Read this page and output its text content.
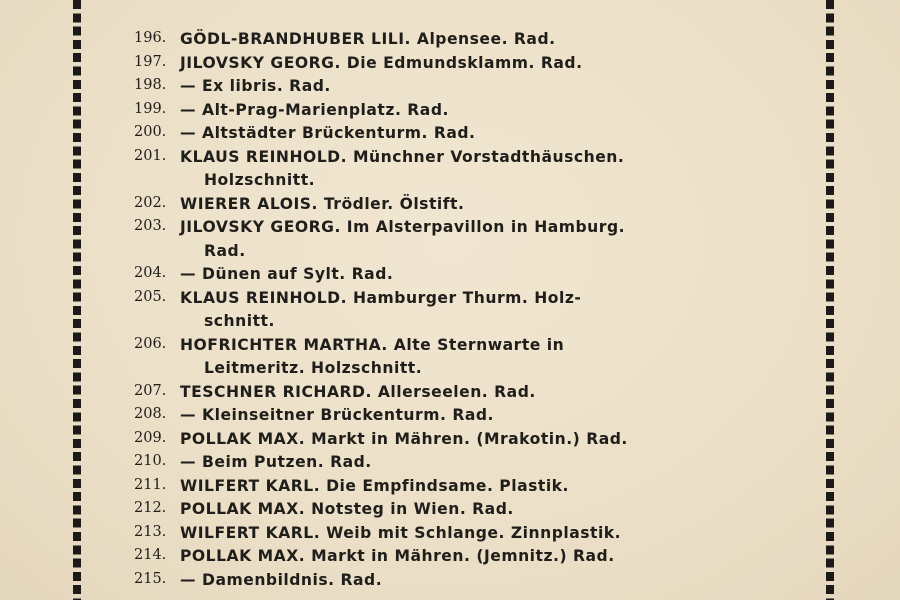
196. GÖDL-BRANDHUBER LILI. Alpensee. Rad.
197. JILOVSKY GEORG. Die Edmundsklamm. Rad.
198. — Ex libris. Rad.
199. — Alt-Prag-Marienplatz. Rad.
200. — Altstädter Brückenturm. Rad.
201. KLAUS REINHOLD. Münchner Vorstadthäuschen.
Holzschnitt.
202. WIERER ALOIS. Trödler. Ölstift.
203. JILOVSKY GEORG. Im Alsterpavillon in Hamburg.
Rad.
204. — Dünen auf Sylt. Rad.
205. KLAUS REINHOLD. Hamburger Thurm. Holz-
schnitt.
206. HOFRICHTER MARTHA. Alte Sternwarte in
Leitmeritz. Holzschnitt.
207. TESCHNER RICHARD. Allerseelen. Rad.
208. — Kleinseitner Brückenturm. Rad.
209. POLLAK MAX. Markt in Mähren. (Mrakotin.) Rad.
210. — Beim Putzen. Rad.
211. WILFERT KARL. Die Empfindsame. Plastik.
212. POLLAK MAX. Notsteg in Wien. Rad.
213. WILFERT KARL. Weib mit Schlange. Zinnplastik.
214. POLLAK MAX. Markt in Mähren. (Jemnitz.) Rad.
215. — Damenbildnis. Rad.
